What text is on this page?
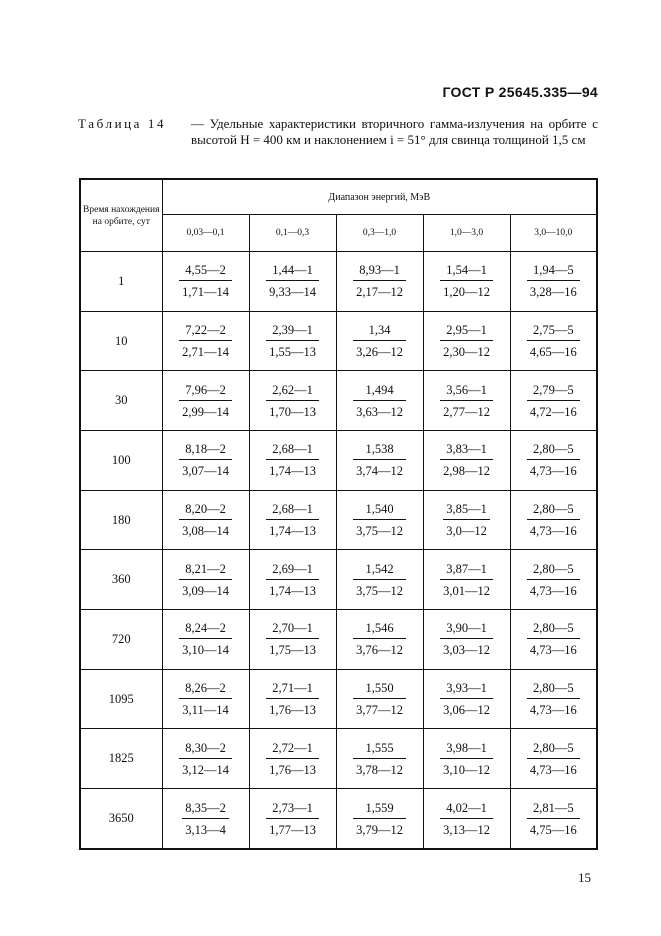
ГОСТ Р 25645.335—94
Таблица 14 — Удельные характеристики вторичного гамма-излучения на орбите с высотой H = 400 км и наклонением i = 51° для свинца толщиной 1,5 см
Время нахождения на орбите, сут	Диапазон энергий, МэВ				
	0,03—0,1	0,1—0,3	0,3—1,0	1,0—3,0	3,0—10,0
1	$\frac{4,55—2}{1,71—14}$	$\frac{1,44—1}{9,33—14}$	$\frac{8,93—1}{2,17—12}$	$\frac{1,54—1}{1,20—12}$	$\frac{1,94—5}{3,28—16}$

10	$\frac{7,22—2}{2,71—14}$	$\frac{2,39—1}{1,55—13}$	$\frac{1,34}{3,26—12}$	$\frac{2,95—1}{2,30—12}$	$\frac{2,75—5}{4,65—16}$

30	$\frac{7,96—2}{2,99—14}$	$\frac{2,62—1}{1,70—13}$	$\frac{1,494}{3,63—12}$	$\frac{3,56—1}{2,77—12}$	$\frac{2,79—5}{4,72—16}$

100	$\frac{8,18—2}{3,07—14}$	$\frac{2,68—1}{1,74—13}$	$\frac{1,538}{3,74—12}$	$\frac{3,83—1}{2,98—12}$	$\frac{2,80—5}{4,73—16}$

180	$\frac{8,20—2}{3,08—14}$	$\frac{2,68—1}{1,74—13}$	$\frac{1,540}{3,75—12}$	$\frac{3,85—1}{3,0—12}$	$\frac{2,80—5}{4,73—16}$

360	$\frac{8,21—2}{3,09—14}$	$\frac{2,69—1}{1,74—13}$	$\frac{1,542}{3,75—12}$	$\frac{3,87—1}{3,01—12}$	$\frac{2,80—5}{4,73—16}$

720	$\frac{8,24—2}{3,10—14}$	$\frac{2,70—1}{1,75—13}$	$\frac{1,546}{3,76—12}$	$\frac{3,90—1}{3,03—12}$	$\frac{2,80—5}{4,73—16}$

1095	$\frac{8,26—2}{3,11—14}$	$\frac{2,71—1}{1,76—13}$	$\frac{1,550}{3,77—12}$	$\frac{3,93—1}{3,06—12}$	$\frac{2,80—5}{4,73—16}$

1825	$\frac{8,30—2}{3,12—14}$	$\frac{2,72—1}{1,76—13}$	$\frac{1,555}{3,78—12}$	$\frac{3,98—1}{3,10—12}$	$\frac{2,80—5}{4,73—16}$

3650	$\frac{8,35—2}{3,13—4}$	$\frac{2,73—1}{1,77—13}$	$\frac{1,559}{3,79—12}$	$\frac{4,02—1}{3,13—12}$	$\frac{2,81—5}{4,75—16}$
15
